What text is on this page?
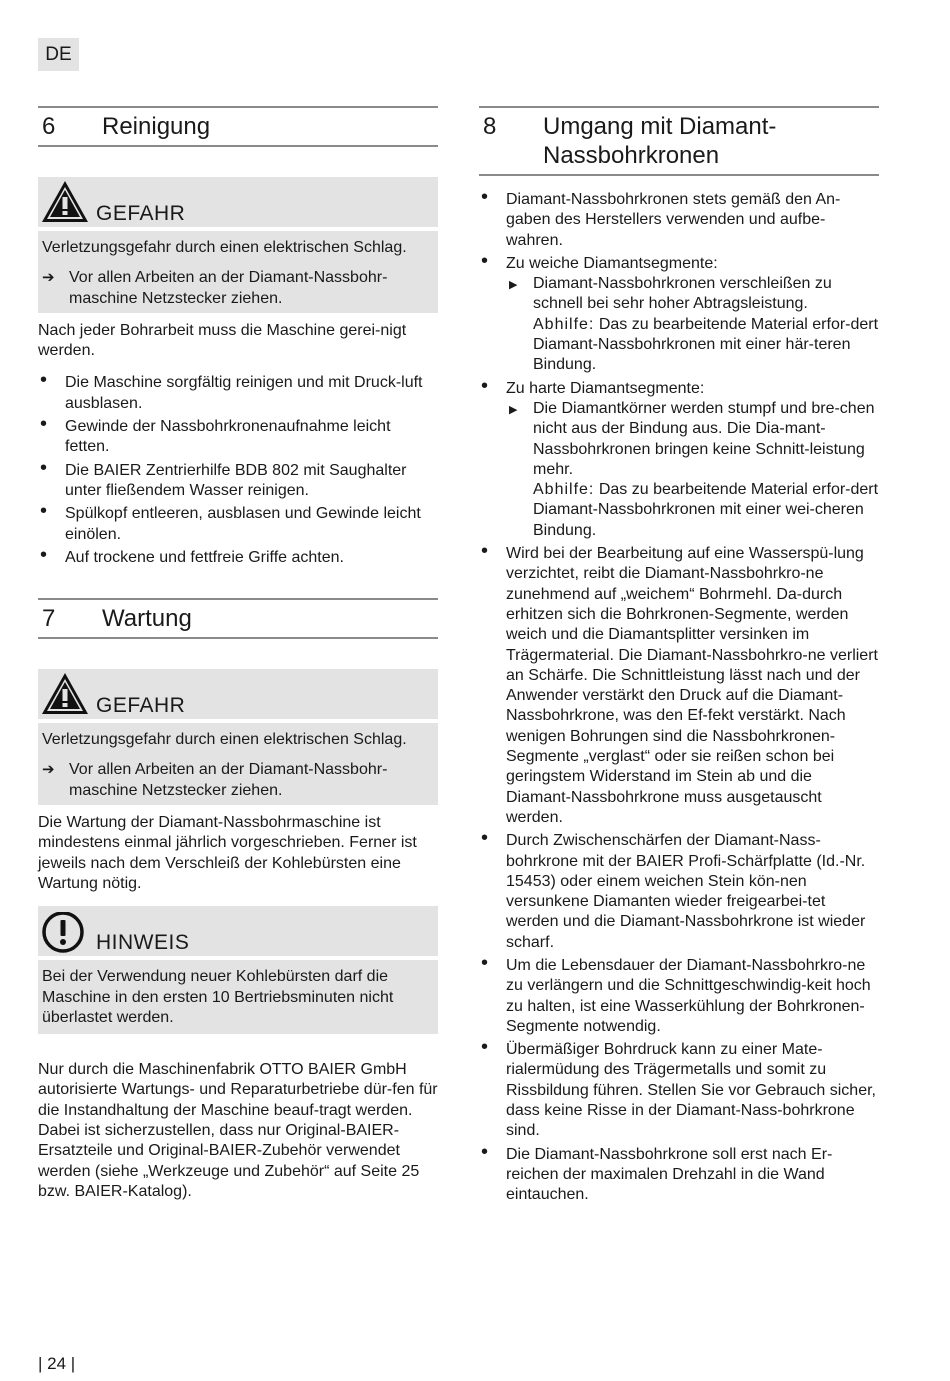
DE
6	Reinigung
GEFAHR

Verletzungsgefahr durch einen elektrischen Schlag.

➔ Vor allen Arbeiten an der Diamant-Nassbohr-maschine Netzstecker ziehen.

Nach jeder Bohrarbeit muss die Maschine gerei-nigt werden.

• Die Maschine sorgfältig reinigen und mit Druck-luft ausblasen.
• Gewinde der Nassbohrkronenaufnahme leicht fetten.
• Die BAIER Zentrierhilfe BDB 802 mit Saughalter unter fließendem Wasser reinigen.
• Spülkopf entleeren, ausblasen und Gewinde leicht einölen.
• Auf trockene und fettfreie Griffe achten.
7	Wartung
GEFAHR

Verletzungsgefahr durch einen elektrischen Schlag.

➔ Vor allen Arbeiten an der Diamant-Nassbohr-maschine Netzstecker ziehen.

Die Wartung der Diamant-Nassbohrmaschine ist mindestens einmal jährlich vorgeschrieben. Ferner ist jeweils nach dem Verschleiß der Kohlebürsten eine Wartung nötig.

HINWEIS

Bei der Verwendung neuer Kohlebürsten darf die Maschine in den ersten 10 Bertriebsminuten nicht überlastet werden.

Nur durch die Maschinenfabrik OTTO BAIER GmbH autorisierte Wartungs- und Reparaturbetriebe dür-fen für die Instandhaltung der Maschine beauf-tragt werden. Dabei ist sicherzustellen, dass nur Original-BAIER-Ersatzteile und Original-BAIER-Zubehör verwendet werden (siehe „Werkzeuge und Zubehör“ auf Seite 25 bzw. BAIER-Katalog).

8	Umgang mit Diamant-Nassbohrkronen
• Diamant-Nassbohrkronen stets gemäß den An-gaben des Herstellers verwenden und aufbe-wahren.
• Zu weiche Diamantsegmente:
▶ Diamant-Nassbohrkronen verschleißen zu schnell bei sehr hoher Abtragsleistung.
Abhilfe: Das zu bearbeitende Material erfor-dert Diamant-Nassbohrkronen mit einer här-teren Bindung.
• Zu harte Diamantsegmente:
▶ Die Diamantkörner werden stumpf und bre-chen nicht aus der Bindung aus. Die Dia-mant-Nassbohrkronen bringen keine Schnitt-leistung mehr.
Abhilfe: Das zu bearbeitende Material erfor-dert Diamant-Nassbohrkronen mit einer wei-cheren Bindung.
• Wird bei der Bearbeitung auf eine Wasserspü-lung verzichtet, reibt die Diamant-Nassbohrkro-ne zunehmend auf „weichem“ Bohrmehl. Da-durch erhitzen sich die Bohrkronen-Segmente, werden weich und die Diamantsplitter versinken im Trägermaterial. Die Diamant-Nassbohrkro-ne verliert an Schärfe. Die Schnittleistung lässt nach und der Anwender verstärkt den Druck auf die Diamant-Nassbohrkrone, was den Ef-fekt verstärkt. Nach wenigen Bohrungen sind die Nassbohrkronen-Segmente „verglast“ oder sie reißen schon bei geringstem Widerstand im Stein ab und die Diamant-Nassbohrkrone muss ausgetauscht werden.
• Durch Zwischenschärfen der Diamant-Nass-bohrkrone mit der BAIER Profi-Schärfplatte (Id.-Nr. 15453) oder einem weichen Stein kön-nen versunkene Diamanten wieder freigearbei-tet werden und die Diamant-Nassbohrkrone ist wieder scharf.
• Um die Lebensdauer der Diamant-Nassbohrkro-ne zu verlängern und die Schnittgeschwindig-keit hoch zu halten, ist eine Wasserkühlung der Bohrkronen-Segmente notwendig.
• Übermäßiger Bohrdruck kann zu einer Mate-rialermüdung des Trägermetalls und somit zu Rissbildung führen. Stellen Sie vor Gebrauch sicher, dass keine Risse in der Diamant-Nass-bohrkrone sind.
• Die Diamant-Nassbohrkrone soll erst nach Er-reichen der maximalen Drehzahl in die Wand eintauchen.
| 24 |
